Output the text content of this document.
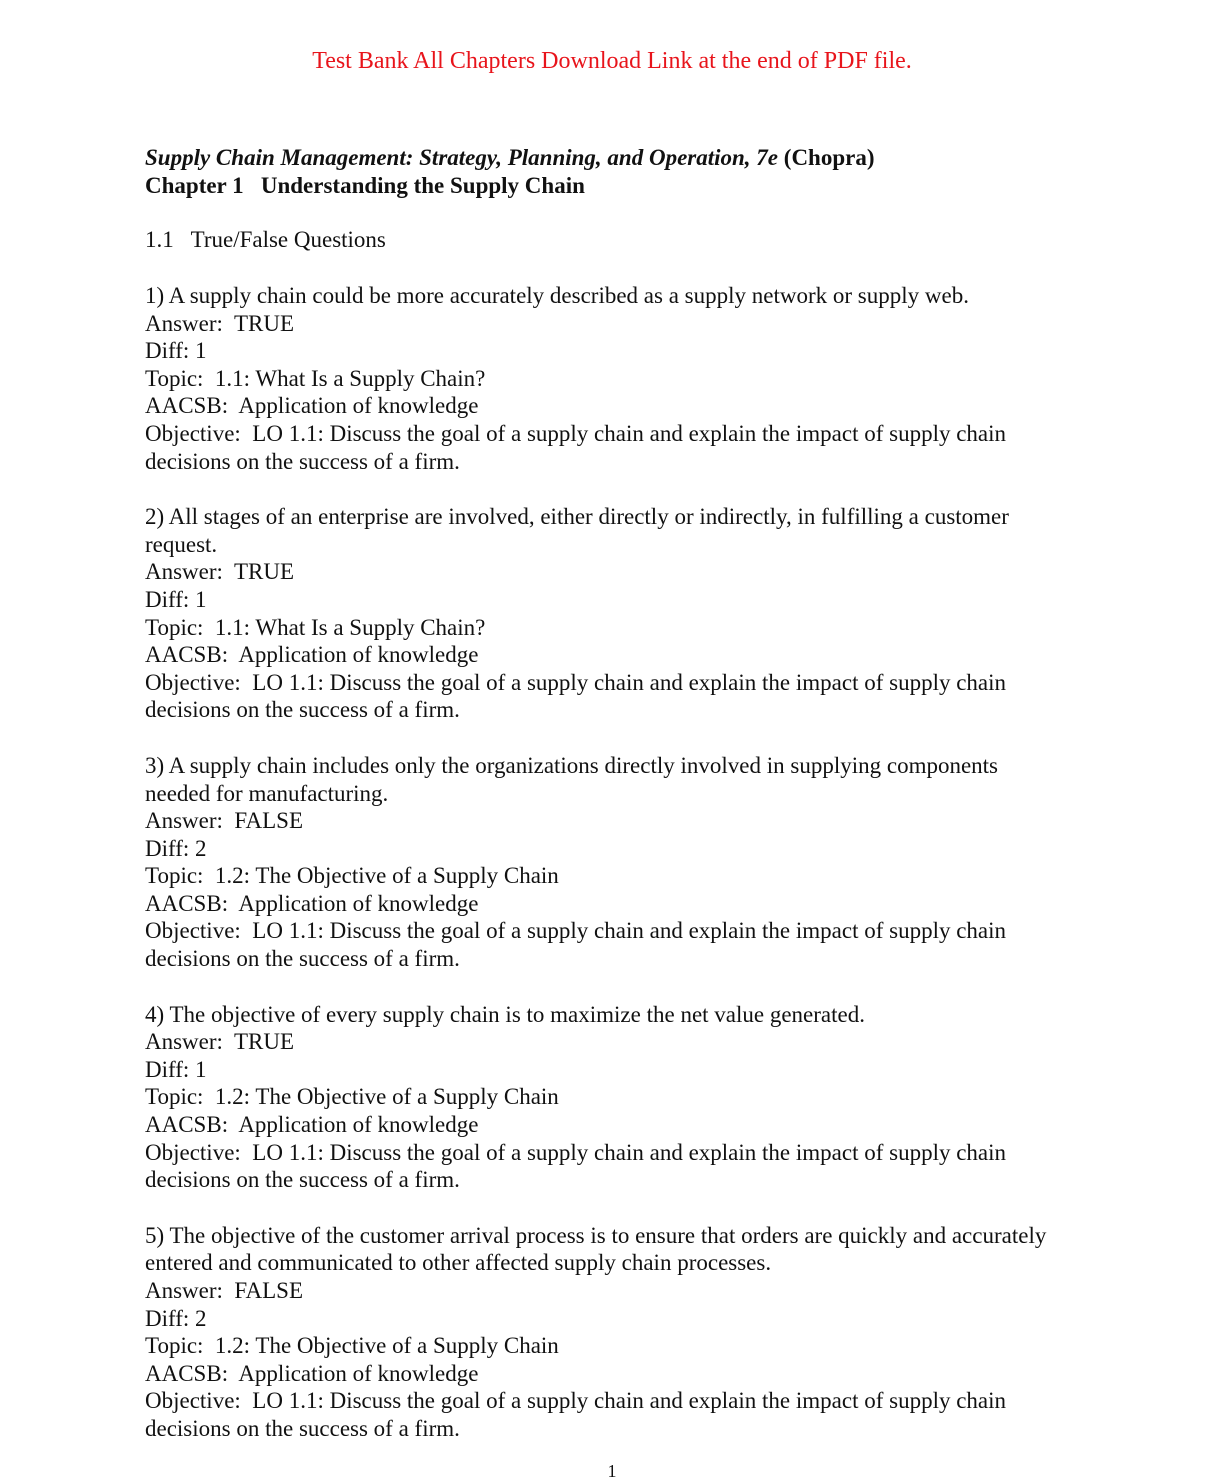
Test Bank All Chapters Download Link at the end of PDF file.
Supply Chain Management: Strategy, Planning, and Operation, 7e (Chopra)
Chapter 1   Understanding the Supply Chain
1.1   True/False Questions
1) A supply chain could be more accurately described as a supply network or supply web.
Answer:  TRUE
Diff: 1
Topic:  1.1: What Is a Supply Chain?
AACSB:  Application of knowledge
Objective:  LO 1.1: Discuss the goal of a supply chain and explain the impact of supply chain decisions on the success of a firm.
2) All stages of an enterprise are involved, either directly or indirectly, in fulfilling a customer request.
Answer:  TRUE
Diff: 1
Topic:  1.1: What Is a Supply Chain?
AACSB:  Application of knowledge
Objective:  LO 1.1: Discuss the goal of a supply chain and explain the impact of supply chain decisions on the success of a firm.
3) A supply chain includes only the organizations directly involved in supplying components needed for manufacturing.
Answer:  FALSE
Diff: 2
Topic:  1.2: The Objective of a Supply Chain
AACSB:  Application of knowledge
Objective:  LO 1.1: Discuss the goal of a supply chain and explain the impact of supply chain decisions on the success of a firm.
4) The objective of every supply chain is to maximize the net value generated.
Answer:  TRUE
Diff: 1
Topic:  1.2: The Objective of a Supply Chain
AACSB:  Application of knowledge
Objective:  LO 1.1: Discuss the goal of a supply chain and explain the impact of supply chain decisions on the success of a firm.
5) The objective of the customer arrival process is to ensure that orders are quickly and accurately entered and communicated to other affected supply chain processes.
Answer:  FALSE
Diff: 2
Topic:  1.2: The Objective of a Supply Chain
AACSB:  Application of knowledge
Objective:  LO 1.1: Discuss the goal of a supply chain and explain the impact of supply chain decisions on the success of a firm.
1
